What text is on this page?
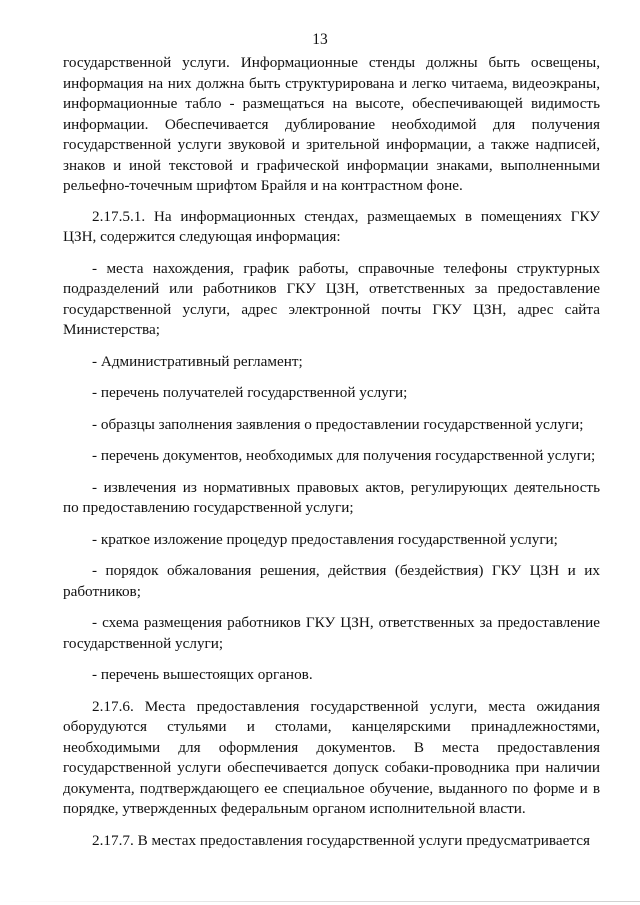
13

государственной услуги. Информационные стенды должны быть освещены, информация на них должна быть структурирована и легко читаема, видеоэкраны, информационные табло - размещаться на высоте, обеспечивающей видимость информации. Обеспечивается дублирование необходимой для получения государственной услуги звуковой и зрительной информации, а также надписей, знаков и иной текстовой и графической информации знаками, выполненными рельефно-точечным шрифтом Брайля и на контрастном фоне.

2.17.5.1. На информационных стендах, размещаемых в помещениях ГКУ ЦЗН, содержится следующая информация:

- места нахождения, график работы, справочные телефоны структурных подразделений или работников ГКУ ЦЗН, ответственных за предоставление государственной услуги, адрес электронной почты ГКУ ЦЗН, адрес сайта Министерства;

- Административный регламент;

- перечень получателей государственной услуги;

- образцы заполнения заявления о предоставлении государственной услуги;

- перечень документов, необходимых для получения государственной услуги;

- извлечения из нормативных правовых актов, регулирующих деятельность по предоставлению государственной услуги;

- краткое изложение процедур предоставления государственной услуги;

- порядок обжалования решения, действия (бездействия) ГКУ ЦЗН и их работников;

- схема размещения работников ГКУ ЦЗН, ответственных за предоставление государственной услуги;

- перечень вышестоящих органов.

2.17.6. Места предоставления государственной услуги, места ожидания оборудуются стульями и столами, канцелярскими принадлежностями, необходимыми для оформления документов. В места предоставления государственной услуги обеспечивается допуск собаки-проводника при наличии документа, подтверждающего ее специальное обучение, выданного по форме и в порядке, утвержденных федеральным органом исполнительной власти.

2.17.7. В местах предоставления государственной услуги предусматривается
